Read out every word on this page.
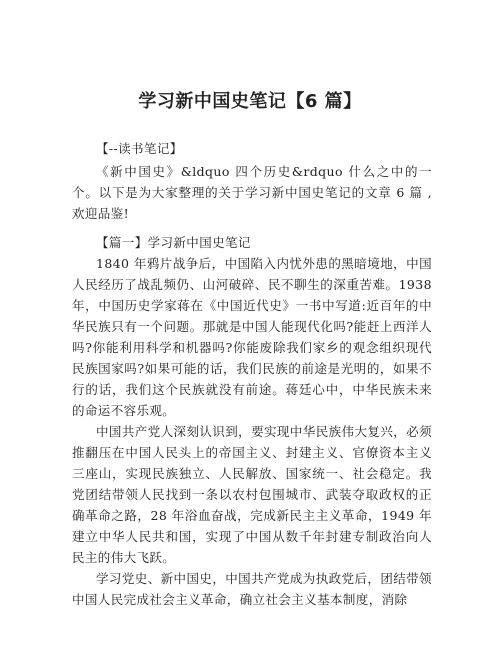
学习新中国史笔记【6 篇】
【--读书笔记】
《新中国史》&ldquo 四个历史&rdquo 什么之中的一个。以下是为大家整理的关于学习新中国史笔记的文章 6 篇 ,欢迎品鉴!
【篇一】学习新中国史笔记

1840 年鸦片战争后，中国陷入内忧外患的黑暗境地，中国人民经历了战乱频仍、山河破碎、民不聊生的深重苦难。1938 年，中国历史学家蒋在《中国近代史》一书中写道:近百年的中华民族只有一个问题。那就是中国人能现代化吗?能赶上西洋人吗?你能利用科学和机器吗?你能废除我们家乡的观念组织现代民族国家吗?如果可能的话，我们民族的前途是光明的，如果不行的话，我们这个民族就没有前途。蒋廷心中，中华民族未来的命运不容乐观。

中国共产党人深刻认识到，要实现中华民族伟大复兴，必须推翻压在中国人民头上的帝国主义、封建主义、官僚资本主义三座山，实现民族独立、人民解放、国家统一、社会稳定。我党团结带领人民找到一条以农村包围城市、武装夺取政权的正确革命之路，28 年浴血奋战，完成新民主主义革命，1949 年建立中华人民共和国，实现了中国从数千年封建专制政治向人民主的伟大飞跃。

学习党史、新中国史，中国共产党成为执政党后，团结带领中国人民完成社会主义革命，确立社会主义基本制度，消除
